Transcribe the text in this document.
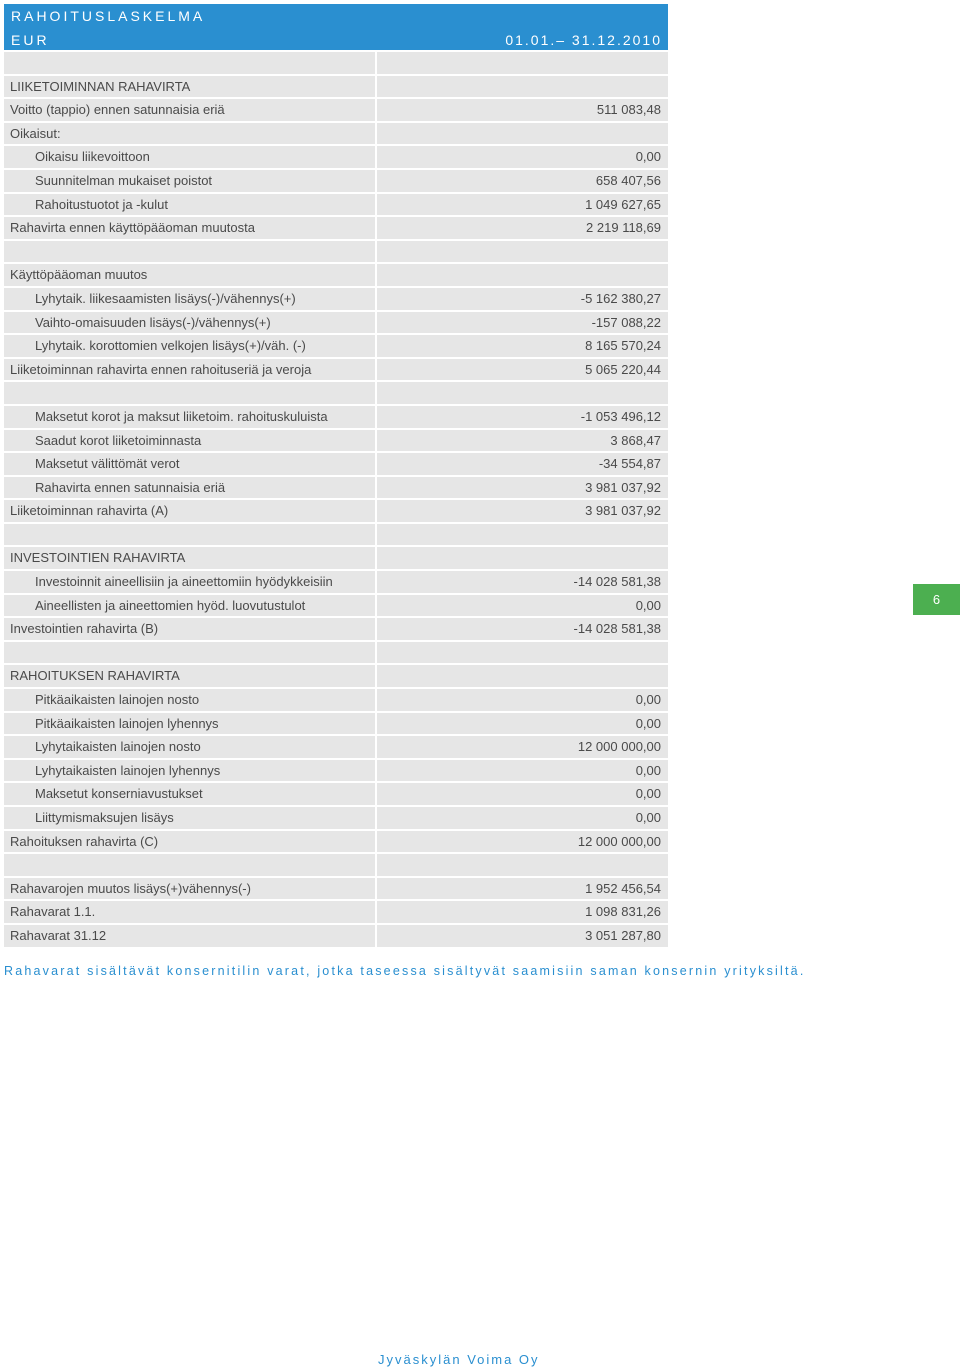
RAHOITUSLASKELMA
EUR	01.01.– 31.12.2010
LIIKETOIMINNAN RAHAVIRTA
Voitto (tappio) ennen satunnaisia eriä	511 083,48
Oikaisut:
Oikaisu liikevoittoon	0,00
Suunnitelman mukaiset poistot	658 407,56
Rahoitustuotot ja -kulut	1 049 627,65
Rahavirta ennen käyttöpääoman muutosta	2 219 118,69
Käyttöpääoman muutos
Lyhytaik. liikesaamisten lisäys(-)/vähennys(+)	-5 162 380,27
Vaihto-omaisuuden lisäys(-)/vähennys(+)	-157 088,22
Lyhytaik. korottomien velkojen lisäys(+)/väh. (-)	8 165 570,24
Liiketoiminnan rahavirta ennen rahoituseriä ja veroja	5 065 220,44
Maksetut korot ja maksut liiketoim. rahoituskuluista	-1 053 496,12
Saadut korot liiketoiminnasta	3 868,47
Maksetut välittömät verot	-34 554,87
Rahavirta ennen satunnaisia eriä	3 981 037,92
Liiketoiminnan rahavirta (A)	3 981 037,92
INVESTOINTIEN RAHAVIRTA
Investoinnit aineellisiin ja aineettomiin hyödykkeisiin	-14 028 581,38
Aineellisten ja aineettomien hyöd. luovutustulot	0,00
Investointien rahavirta (B)	-14 028 581,38
RAHOITUKSEN RAHAVIRTA
Pitkäaikaisten lainojen nosto	0,00
Pitkäaikaisten lainojen lyhennys	0,00
Lyhytaikaisten lainojen nosto	12 000 000,00
Lyhytaikaisten lainojen lyhennys	0,00
Maksetut konserniavustukset	0,00
Liittymismaksujen lisäys	0,00
Rahoituksen rahavirta (C)	12 000 000,00
Rahavarojen muutos lisäys(+)vähennys(-)	1 952 456,54
Rahavarat 1.1.	1 098 831,26
Rahavarat 31.12	3 051 287,80
6
Rahavarat sisältävät konsernitilin varat, jotka taseessa sisältyvät saamisiin saman konsernin yrityksiltä.
Jyväskylän Voima Oy
